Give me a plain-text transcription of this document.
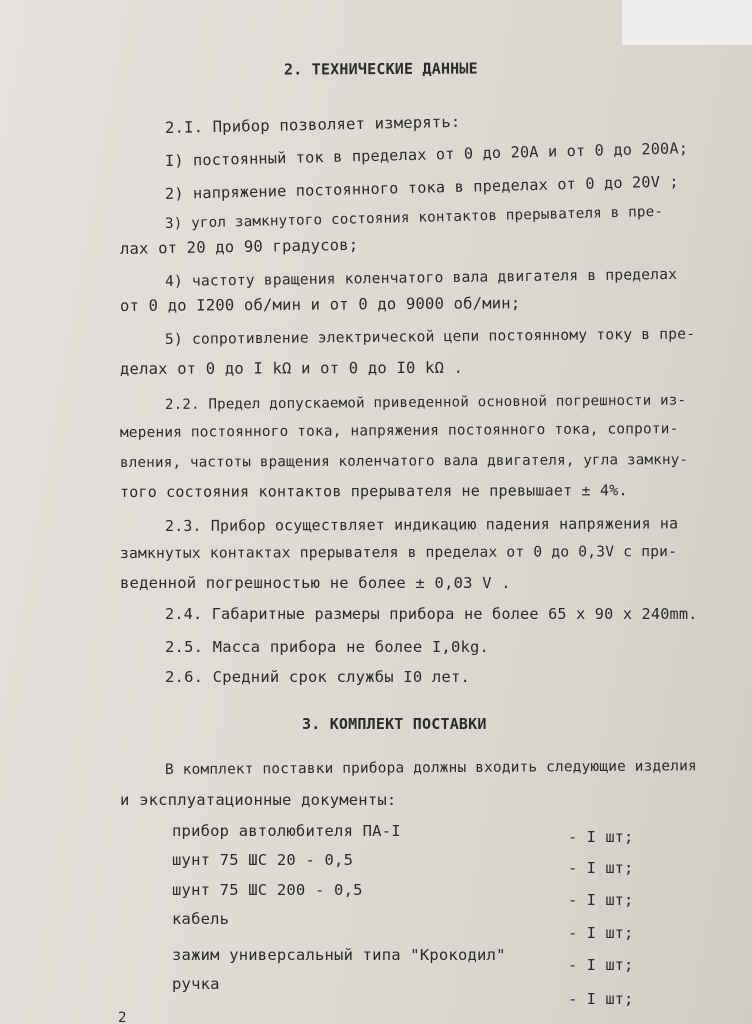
2. ТЕХНИЧЕСКИЕ ДАННЫЕ
2.I. Прибор позволяет измерять:
I) постоянный ток в пределах от 0 до 20А и от 0 до 200А;
2) напряжение постоянного тока в пределах от 0 до 20V ;
3) угол замкнутого состояния контактов прерывателя в пре-
лах от 20 до 90 градусов;
4) частоту вращения коленчатого вала двигателя в пределах
от 0 до I200 об/мин и от 0 до 9000 об/мин;
5) сопротивление электрической цепи постоянному току в пре-
делах от 0 до I kΩ и от 0 до I0 kΩ .
2.2. Предел допускаемой приведенной основной погрешности из-
мерения постоянного тока, напряжения постоянного тока, сопроти-
вления, частоты вращения коленчатого вала двигателя, угла замкну-
того состояния контактов прерывателя не превышает ± 4%.
2.3. Прибор осуществляет индикацию падения напряжения на
замкнутых контактах прерывателя в пределах от 0 до 0,3V с при-
веденной погрешностью не более ± 0,03 V .
2.4. Габаритные размеры прибора не более 65 х 90 х 240mm.
2.5. Масса прибора не более I,0kg.
2.6. Средний срок службы I0 лет.
3. КОМПЛЕКТ ПОСТАВКИ
В комплект поставки прибора должны входить следующие изделия
и эксплуатационные документы:
прибор автолюбителя ПА-I	- I шт;
шунт 75 ШС 20 - 0,5	- I шт;
шунт 75 ШС 200 - 0,5
- I шт;
кабель
- I шт;
зажим универсальный типа "Крокодил"
- I шт;
ручка
- I шт;
2
